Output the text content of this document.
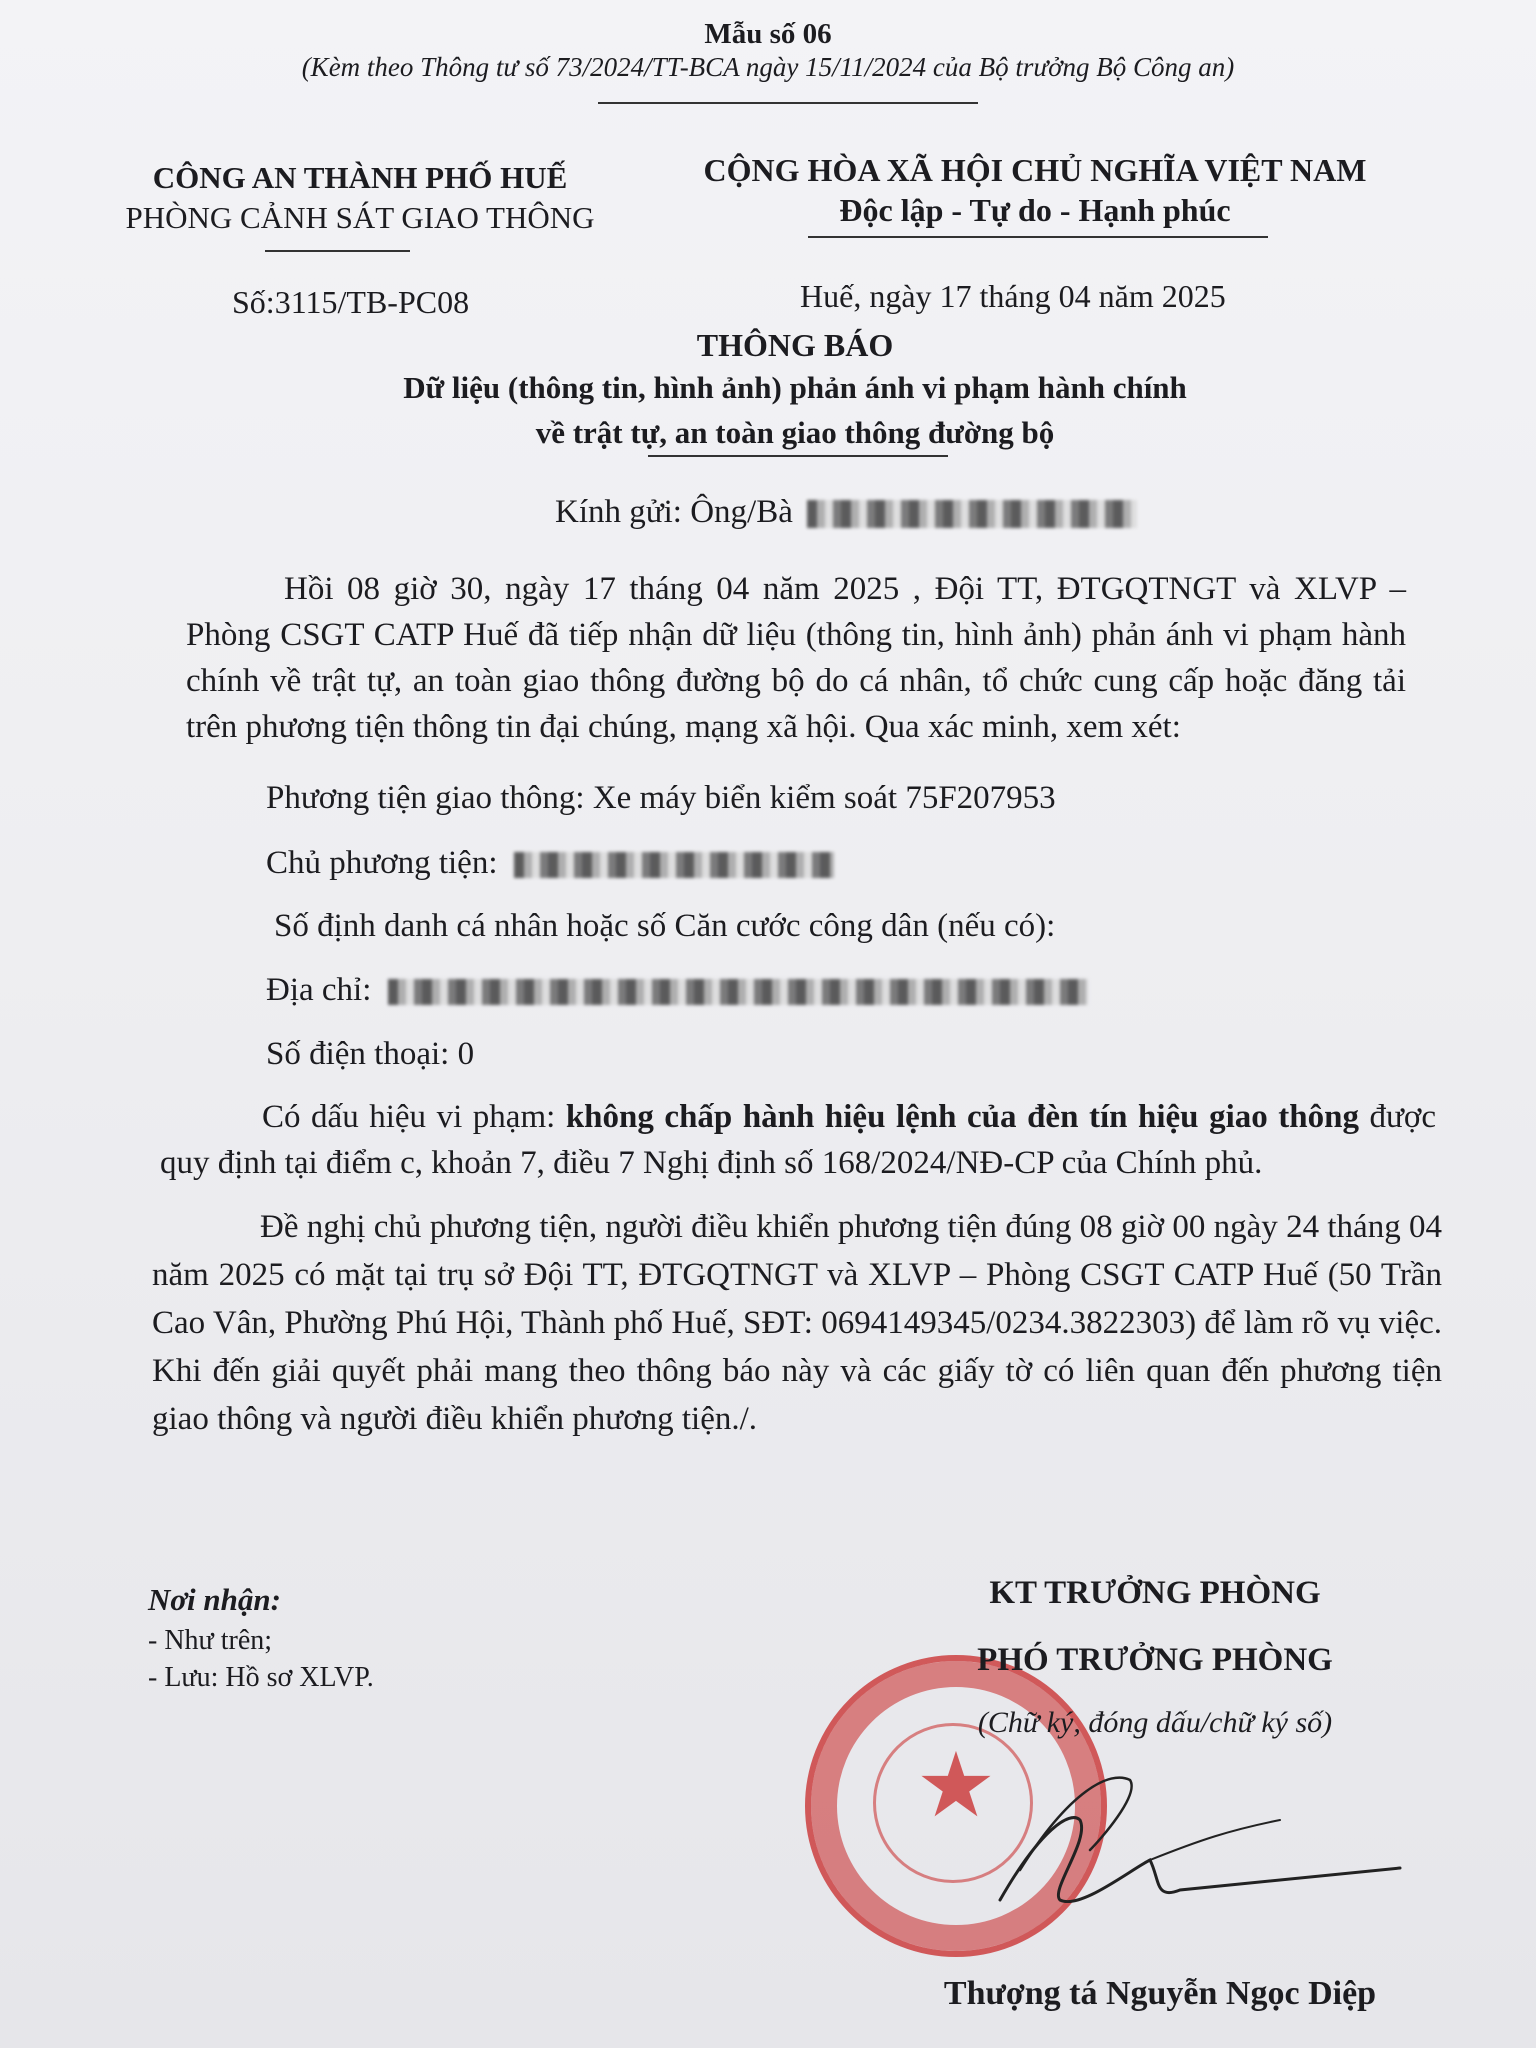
Mẫu số 06
(Kèm theo Thông tư số 73/2024/TT-BCA ngày 15/11/2024 của Bộ trưởng Bộ Công an)
CÔNG AN THÀNH PHỐ HUẾ
PHÒNG CẢNH SÁT GIAO THÔNG
CỘNG HÒA XÃ HỘI CHỦ NGHĨA VIỆT NAM
Độc lập - Tự do - Hạnh phúc
Số:3115/TB-PC08	Huế, ngày 17 tháng 04 năm 2025
THÔNG BÁO
Dữ liệu (thông tin, hình ảnh) phản ánh vi phạm hành chính
về trật tự, an toàn giao thông đường bộ
Kính gửi: Ông/Bà
Hồi 08 giờ 30, ngày 17 tháng 04 năm 2025 , Đội TT, ĐTGQTNGT và XLVP – Phòng CSGT CATP Huế đã tiếp nhận dữ liệu (thông tin, hình ảnh) phản ánh vi phạm hành chính về trật tự, an toàn giao thông đường bộ do cá nhân, tổ chức cung cấp hoặc đăng tải trên phương tiện thông tin đại chúng, mạng xã hội. Qua xác minh, xem xét:
Phương tiện giao thông: Xe máy biển kiểm soát 75F207953
Chủ phương tiện:
Số định danh cá nhân hoặc số Căn cước công dân (nếu có):
Địa chỉ:
Số điện thoại: 0
Có dấu hiệu vi phạm: không chấp hành hiệu lệnh của đèn tín hiệu giao thông được quy định tại điểm c, khoản 7, điều 7 Nghị định số 168/2024/NĐ-CP của Chính phủ.
Đề nghị chủ phương tiện, người điều khiển phương tiện đúng 08 giờ 00 ngày 24 tháng 04 năm 2025 có mặt tại trụ sở Đội TT, ĐTGQTNGT và XLVP – Phòng CSGT CATP Huế (50 Trần Cao Vân, Phường Phú Hội, Thành phố Huế, SĐT: 0694149345/0234.3822303) để làm rõ vụ việc. Khi đến giải quyết phải mang theo thông báo này và các giấy tờ có liên quan đến phương tiện giao thông và người điều khiển phương tiện./.
Nơi nhận:
- Như trên;
- Lưu: Hồ sơ XLVP.
★
KT TRƯỞNG PHÒNG
PHÓ TRƯỞNG PHÒNG
(Chữ ký, đóng dấu/chữ ký số)
Thượng tá Nguyễn Ngọc Diệp
